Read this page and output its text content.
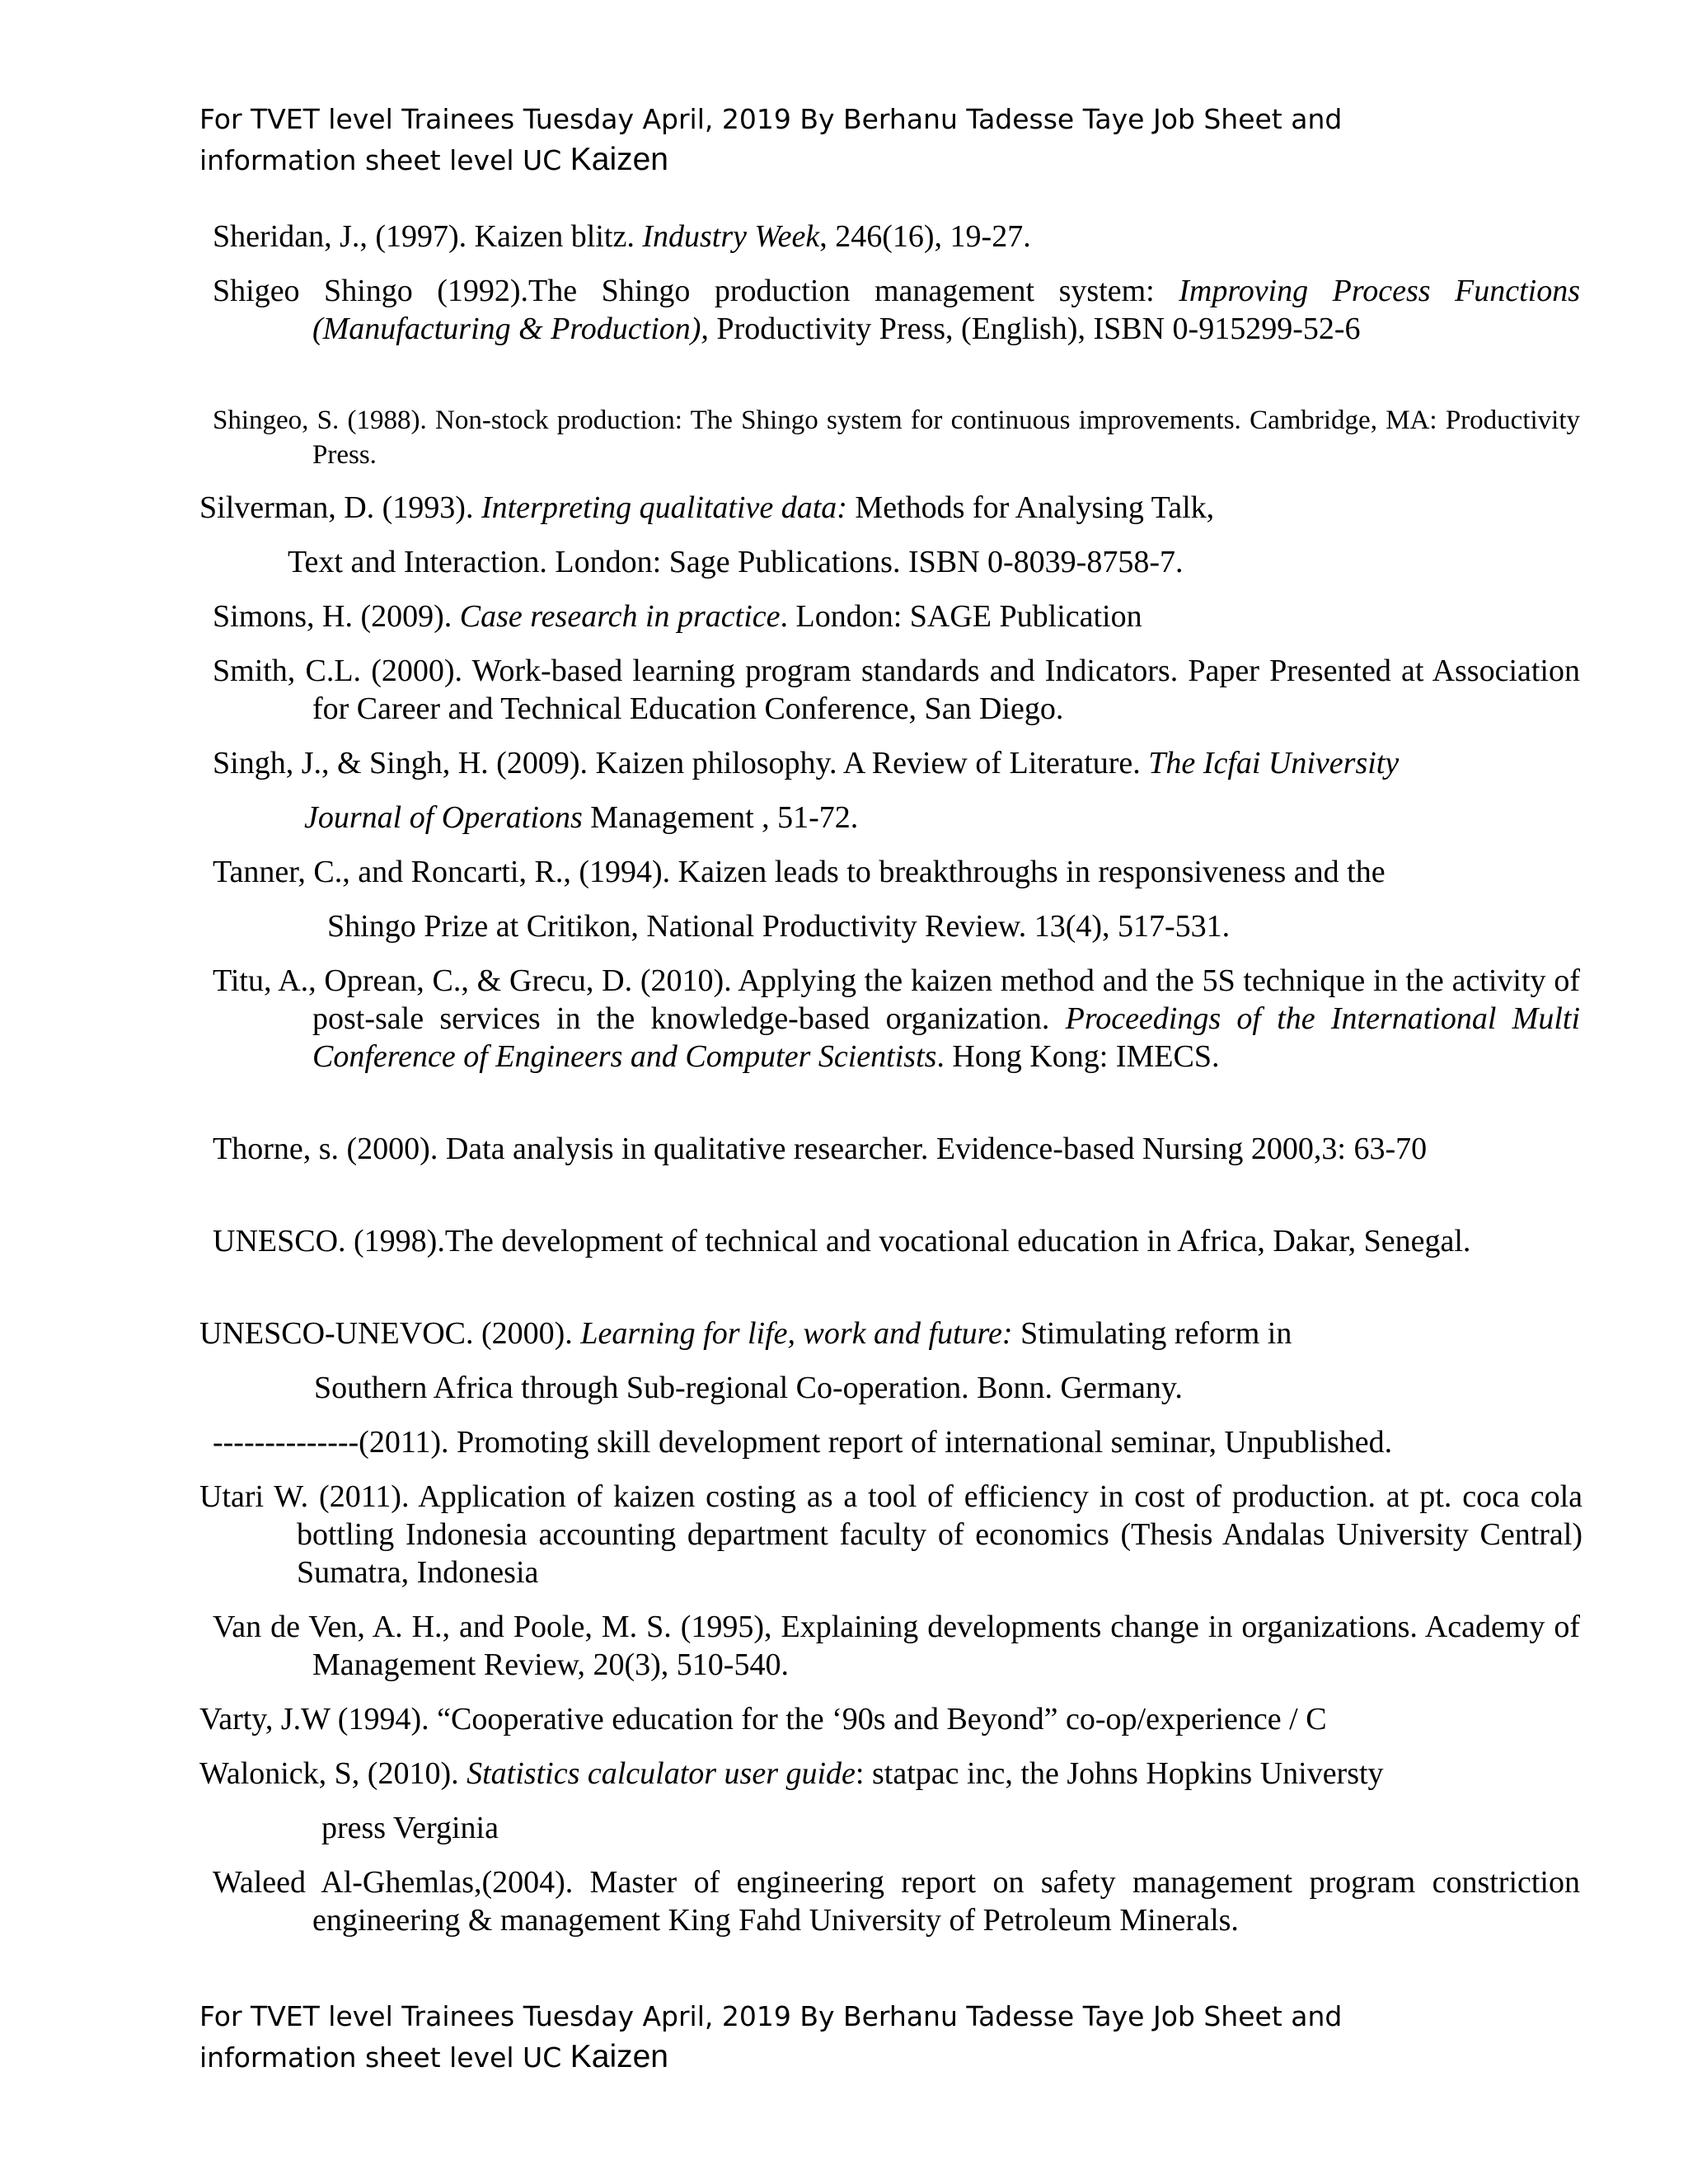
For TVET level Trainees Tuesday April, 2019 By Berhanu Tadesse Taye Job Sheet and
information sheet level UC Kaizen

Sheridan, J., (1997). Kaizen blitz. Industry Week, 246(16), 19-27.

Shigeo Shingo (1992).The Shingo production management system: Improving Process Functions (Manufacturing & Production), Productivity Press, (English), ISBN 0-915299-52-6

Shingeo, S. (1988). Non-stock production: The Shingo system for continuous improvements. Cambridge, MA: Productivity Press.

Silverman, D. (1993). Interpreting qualitative data: Methods for Analysing Talk,
Text and Interaction. London: Sage Publications. ISBN 0-8039-8758-7.
Simons, H. (2009). Case research in practice. London: SAGE Publication

Smith, C.L. (2000). Work-based learning program standards and Indicators. Paper Presented at Association for Career and Technical Education Conference, San Diego.

Singh, J., & Singh, H. (2009). Kaizen philosophy. A Review of Literature. The Icfai University
Journal of Operations Management , 51-72.
Tanner, C., and Roncarti, R., (1994). Kaizen leads to breakthroughs in responsiveness and the
Shingo Prize at Critikon, National Productivity Review. 13(4), 517-531.

Titu, A., Oprean, C., & Grecu, D. (2010). Applying the kaizen method and the 5S technique in the activity of post-sale services in the knowledge-based organization. Proceedings of the International Multi Conference of Engineers and Computer Scientists. Hong Kong: IMECS.

Thorne, s. (2000). Data analysis in qualitative researcher. Evidence-based Nursing 2000,3: 63-70

UNESCO. (1998).The development of technical and vocational education in Africa, Dakar, Senegal.

UNESCO-UNEVOC. (2000). Learning for life, work and future: Stimulating reform in
Southern Africa through Sub-regional Co-operation. Bonn. Germany.
--------------(2011). Promoting skill development report of international seminar, Unpublished.

Utari W. (2011). Application of kaizen costing as a tool of efficiency in cost of production. at pt. coca cola bottling Indonesia accounting department faculty of economics (Thesis Andalas University Central) Sumatra, Indonesia

Van de Ven, A. H., and Poole, M. S. (1995), Explaining developments change in organizations. Academy of Management Review, 20(3), 510-540.

Varty, J.W (1994). “Cooperative education for the ‘90s and Beyond” co-op/experience / C
Walonick, S, (2010). Statistics calculator user guide: statpac inc, the Johns Hopkins Universty
press Verginia

Waleed Al-Ghemlas,(2004). Master of engineering report on safety management program constriction engineering & management King Fahd University of Petroleum Minerals.

For TVET level Trainees Tuesday April, 2019 By Berhanu Tadesse Taye Job Sheet and
information sheet level UC Kaizen
